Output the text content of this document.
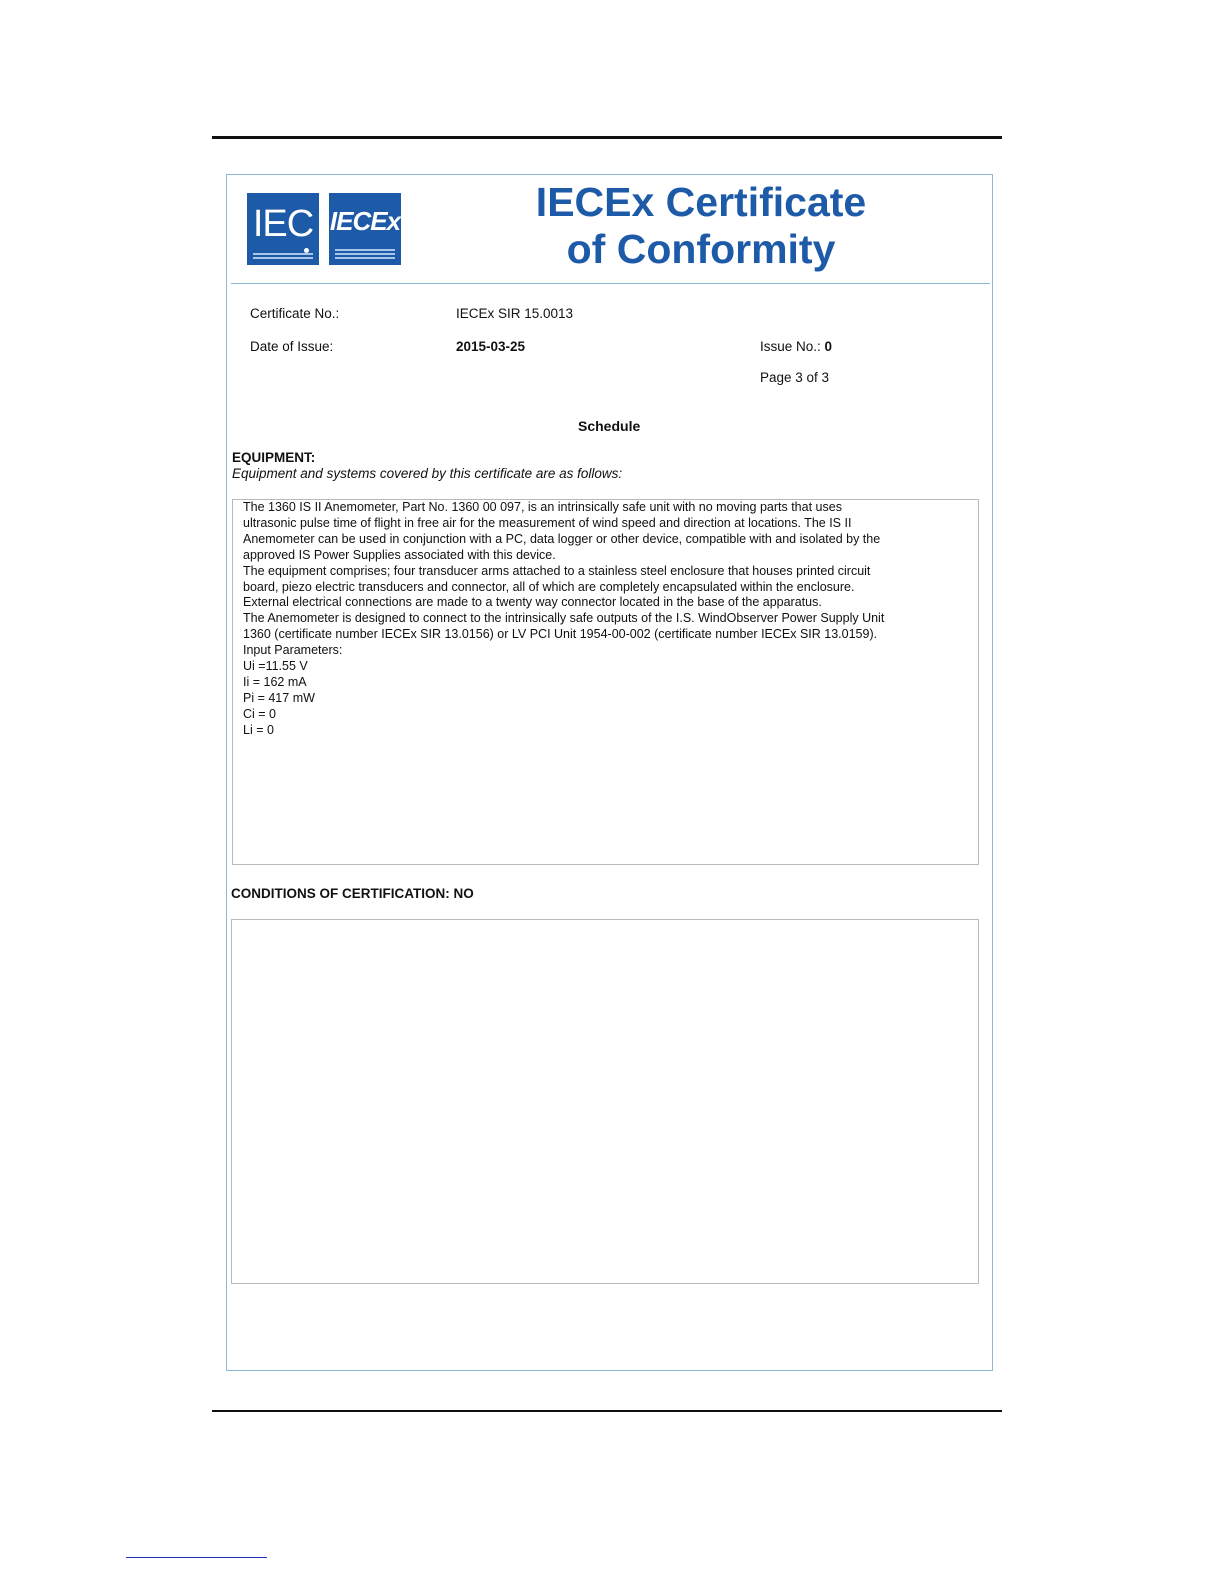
IEC IECEx	IECEx Certificate
of Conformity
Certificate No.:	IECEx SIR 15.0013
Date of Issue:	2015-03-25	Issue No.: 0
Page 3 of 3
Schedule
EQUIPMENT:
Equipment and systems covered by this certificate are as follows:
The 1360 IS II Anemometer, Part No. 1360 00 097, is an intrinsically safe unit with no moving parts that uses
ultrasonic pulse time of flight in free air for the measurement of wind speed and direction at locations. The IS II
Anemometer can be used in conjunction with a PC, data logger or other device, compatible with and isolated by the
approved IS Power Supplies associated with this device.
The equipment comprises; four transducer arms attached to a stainless steel enclosure that houses printed circuit
board, piezo electric transducers and connector, all of which are completely encapsulated within the enclosure.
External electrical connections are made to a twenty way connector located in the base of the apparatus.
The Anemometer is designed to connect to the intrinsically safe outputs of the I.S. WindObserver Power Supply Unit
1360 (certificate number IECEx SIR 13.0156) or LV PCI Unit 1954-00-002 (certificate number IECEx SIR 13.0159).
Input Parameters:
Ui =11.55 V
Ii = 162 mA
Pi = 417 mW
Ci = 0
Li = 0
CONDITIONS OF CERTIFICATION: NO
